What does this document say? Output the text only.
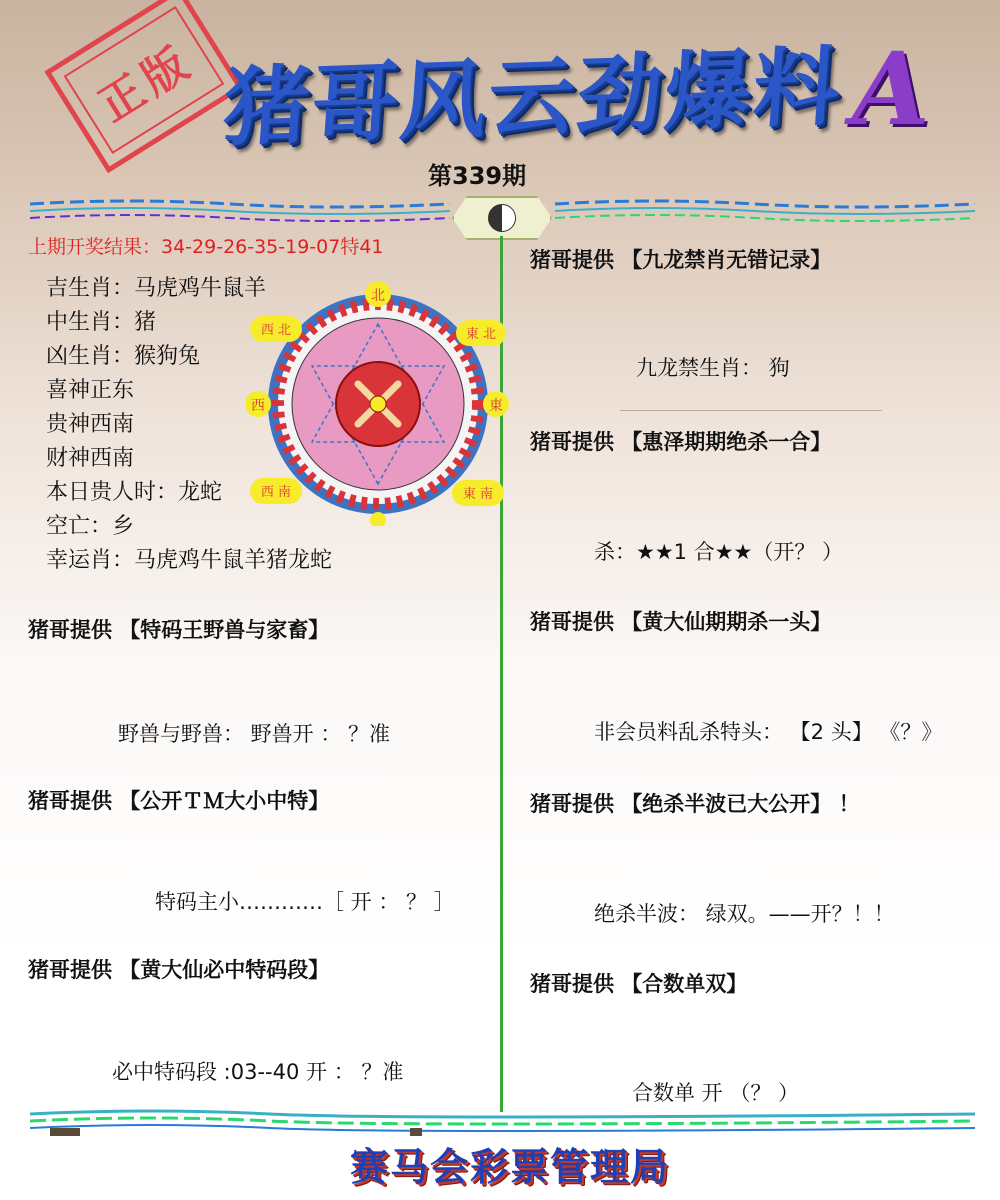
正版 猪哥风云劲爆料 A
第339期
上期开奖结果：34-29-26-35-19-07特41
吉生肖：马虎鸡牛鼠羊
中生肖：猪
凶生肖：猴狗兔
喜神正东
贵神西南
财神西南
本日贵人时：龙蛇
空亡：乡
幸运肖：马虎鸡牛鼠羊猪龙蛇
北
東 北
東
東 南
西 南
西
西 北
猪哥提供 【特码王野兽与家畜】
野兽与野兽： 野兽开 ： ？准
猪哥提供 【公开ＴＭ大小中特】
特码主小…………［ 开 ： ？ ］
猪哥提供 【黄大仙必中特码段】
必中特码段 :03--40 开 ： ？准
猪哥提供 【九龙禁肖无错记录】
九龙禁生肖： 狗
猪哥提供 【惠泽期期绝杀一合】
杀：★★1 合★★（开？ ）
猪哥提供 【黄大仙期期杀一头】
非会员料乱杀特头： 【2 头】 《？》
猪哥提供 【绝杀半波已大公开】 ！
绝杀半波： 绿双。——开？！！
猪哥提供 【合数单双】
合数单 开 （？ ）
赛马会彩票管理局
